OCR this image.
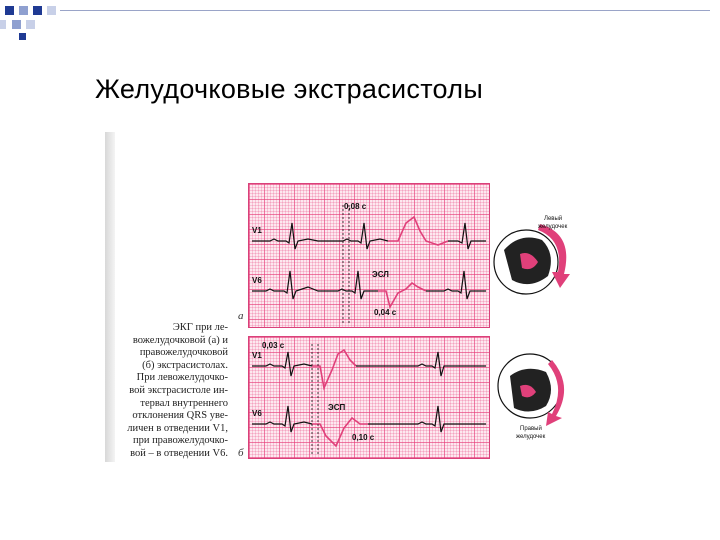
Желудочковые экстрасистолы
ЭКГ при ле-
вожелудочковой (а) и
правожелудочковой
(б) экстрасистолах.
При левожелудочко-
вой экстрасистоле ин-
тервал внутреннего
отклонения QRS уве-
личен в отведении V1,
при правожелудочко-
вой – в отведении V6.
а
б
V1
V6
0,08 с
0,04 с
ЭСЛ
V1
V6
0,03 с
0,10 с
ЭСП
Левый
желудочек
Правый
желудочек
